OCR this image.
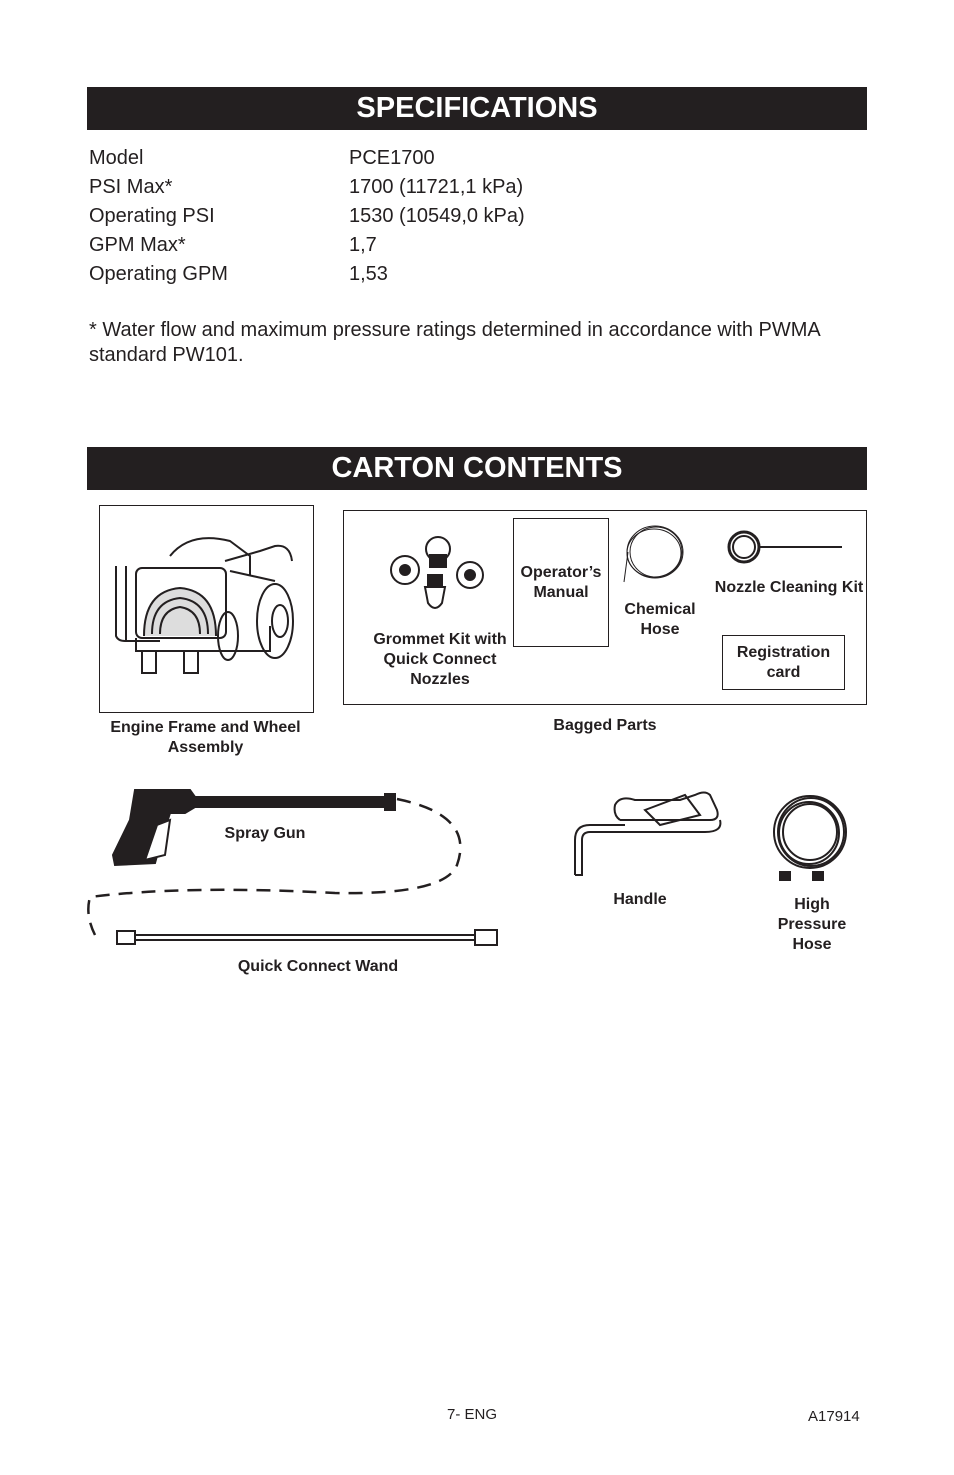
SPECIFICATIONS
Model	PCE1700
PSI Max*	1700 (11721,1 kPa)
Operating PSI	1530 (10549,0 kPa)
GPM Max*	1,7
Operating GPM	1,53
* Water flow and maximum pressure ratings determined in accordance with PWMA standard PW101.
CARTON CONTENTS
Engine Frame and Wheel Assembly
Grommet Kit with Quick Connect Nozzles
Operator’s Manual
Chemical Hose
Nozzle Cleaning Kit
Registration card
Bagged Parts
Spray Gun
Quick Connect Wand
Handle	High Pressure Hose
7- ENG	A17914
